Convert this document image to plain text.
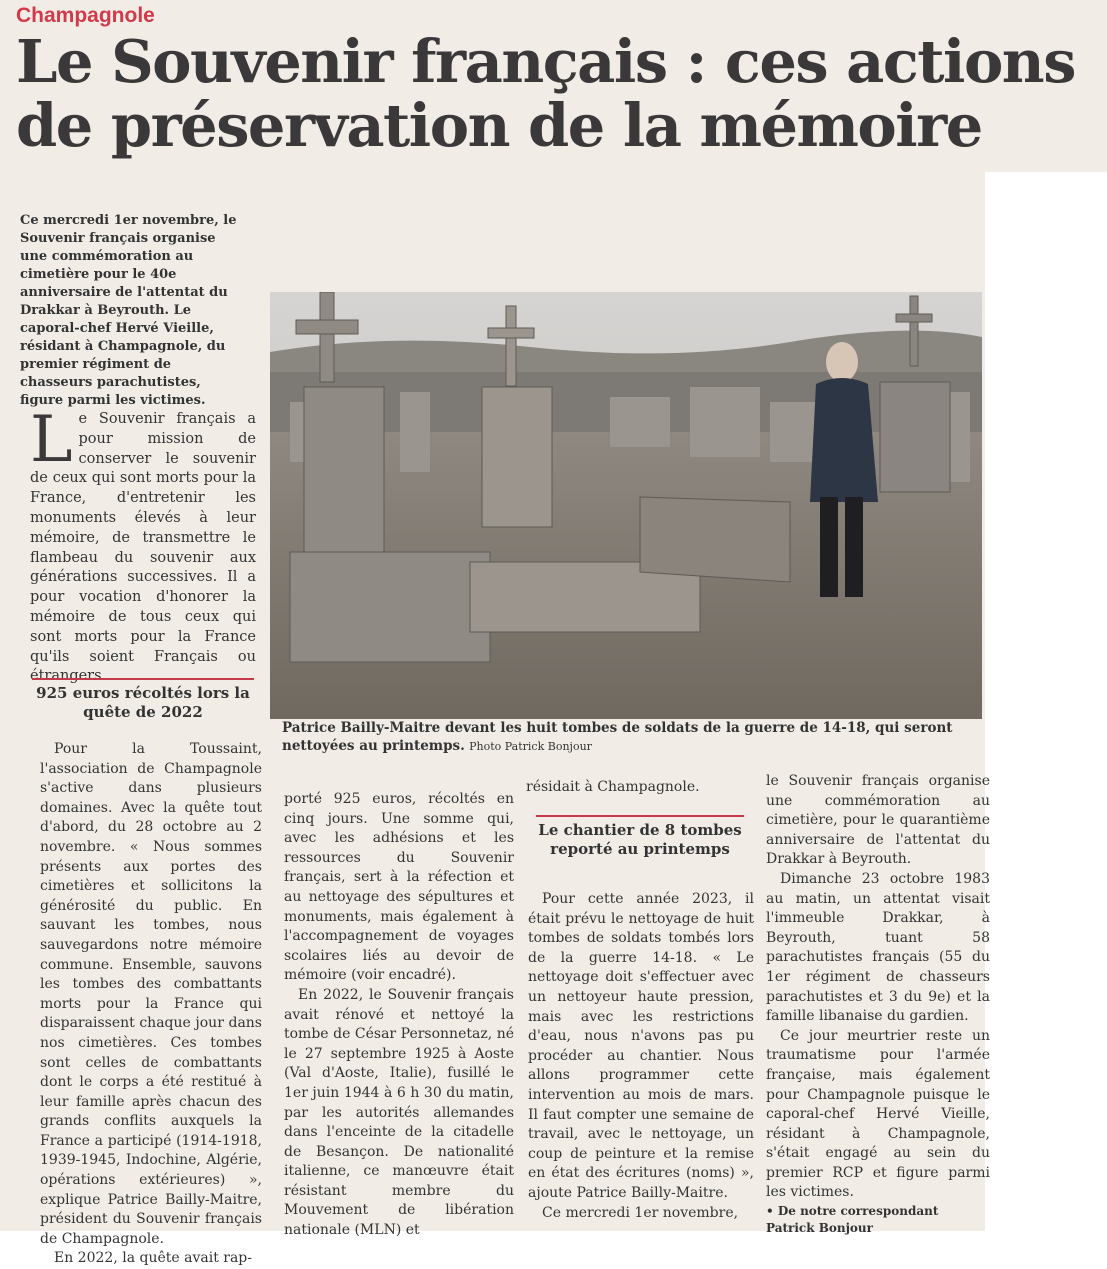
Champagnole
Le Souvenir français : ces actions
de préservation de la mémoire
Ce mercredi 1er novembre, le Souvenir français organise une commémoration au cimetière pour le 40e anniversaire de l'attentat du Drakkar à Beyrouth. Le caporal-chef Hervé Vieille, résidant à Champagnole, du premier régiment de chasseurs parachutistes, figure parmi les victimes.

Le Souvenir français a pour mission de conserver le souvenir de ceux qui sont morts pour la France, d'entretenir les monuments élevés à leur mémoire, de transmettre le flambeau du souvenir aux générations successives. Il a pour vocation d'honorer la mémoire de tous ceux qui sont morts pour la France qu'ils soient Français ou étrangers.

925 euros récoltés lors la quête de 2022

Pour la Toussaint, l'association de Champagnole s'active dans plusieurs domaines. Avec la quête tout d'abord, du 28 octobre au 2 novembre. « Nous sommes présents aux portes des cimetières et sollicitons la générosité du public. En sauvant les tombes, nous sauvegardons notre mémoire commune. Ensemble, sauvons les tombes des combattants morts pour la France qui disparaissent chaque jour dans nos cimetières. Ces tombes sont celles de combattants dont le corps a été restitué à leur famille après chacun des grands conflits auxquels la France a participé (1914-1918, 1939-1945, Indochine, Algérie, opérations extérieures) », explique Patrice Bailly-Maitre, président du Souvenir français de Champagnole.

En 2022, la quête avait rap-

Patrice Bailly-Maitre devant les huit tombes de soldats de la guerre de 14-18, qui seront nettoyées au printemps. Photo Patrick Bonjour

porté 925 euros, récoltés en cinq jours. Une somme qui, avec les adhésions et les ressources du Souvenir français, sert à la réfection et au nettoyage des sépultures et monuments, mais également à l'accompagnement de voyages scolaires liés au devoir de mémoire (voir encadré).

En 2022, le Souvenir français avait rénové et nettoyé la tombe de César Personnetaz, né le 27 septembre 1925 à Aoste (Val d'Aoste, Italie), fusillé le 1er juin 1944 à 6 h 30 du matin, par les autorités allemandes dans l'enceinte de la citadelle de Besançon. De nationalité italienne, ce manœuvre était résistant membre du Mouvement de libération nationale (MLN) et

résidait à Champagnole.

Le chantier de 8 tombes reporté au printemps

Pour cette année 2023, il était prévu le nettoyage de huit tombes de soldats tombés lors de la guerre 14-18. « Le nettoyage doit s'effectuer avec un nettoyeur haute pression, mais avec les restrictions d'eau, nous n'avons pas pu procéder au chantier. Nous allons programmer cette intervention au mois de mars. Il faut compter une semaine de travail, avec le nettoyage, un coup de peinture et la remise en état des écritures (noms) », ajoute Patrice Bailly-Maitre.

Ce mercredi 1er novembre,

le Souvenir français organise une commémoration au cimetière, pour le quarantième anniversaire de l'attentat du Drakkar à Beyrouth.

Dimanche 23 octobre 1983 au matin, un attentat visait l'immeuble Drakkar, à Beyrouth, tuant 58 parachutistes français (55 du 1er régiment de chasseurs parachutistes et 3 du 9e) et la famille libanaise du gardien.

Ce jour meurtrier reste un traumatisme pour l'armée française, mais également pour Champagnole puisque le caporal-chef Hervé Vieille, résidant à Champagnole, s'était engagé au sein du premier RCP et figure parmi les victimes.

• De notre correspondant
Patrick Bonjour
